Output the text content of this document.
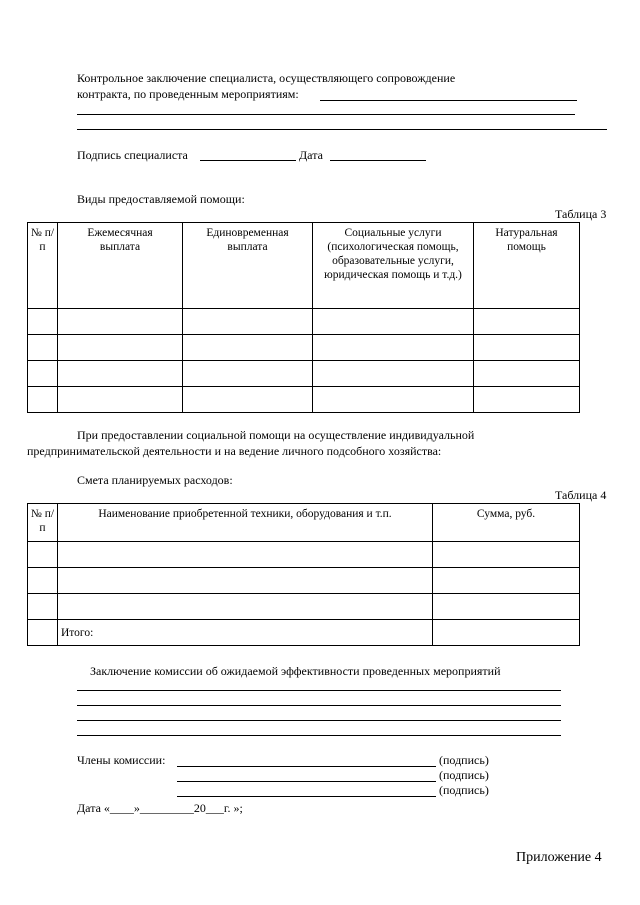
Контрольное заключение специалиста, осуществляющего сопровождение
контракта, по проведенным мероприятиям:
Подпись специалиста	Дата
Виды предоставляемой помощи:
Таблица 3
№ п/п	Ежемесячная выплата	Единовременная выплата	Социальные услуги (психологическая помощь, образовательные услуги, юридическая помощь и т.д.)	Натуральная помощь

При предоставлении социальной помощи на осуществление индивидуальной
предпринимательской деятельности и на ведение личного подсобного хозяйства:
Смета планируемых расходов:
Таблица 4
№ п/п	Наименование приобретенной техники, оборудования и т.п.	Сумма, руб.

	Итого:	
Заключение комиссии об ожидаемой эффективности проведенных мероприятий
Члены комиссии:	(подпись)
(подпись)
(подпись)
Дата «____»_________20___г. »;
Приложение 4
